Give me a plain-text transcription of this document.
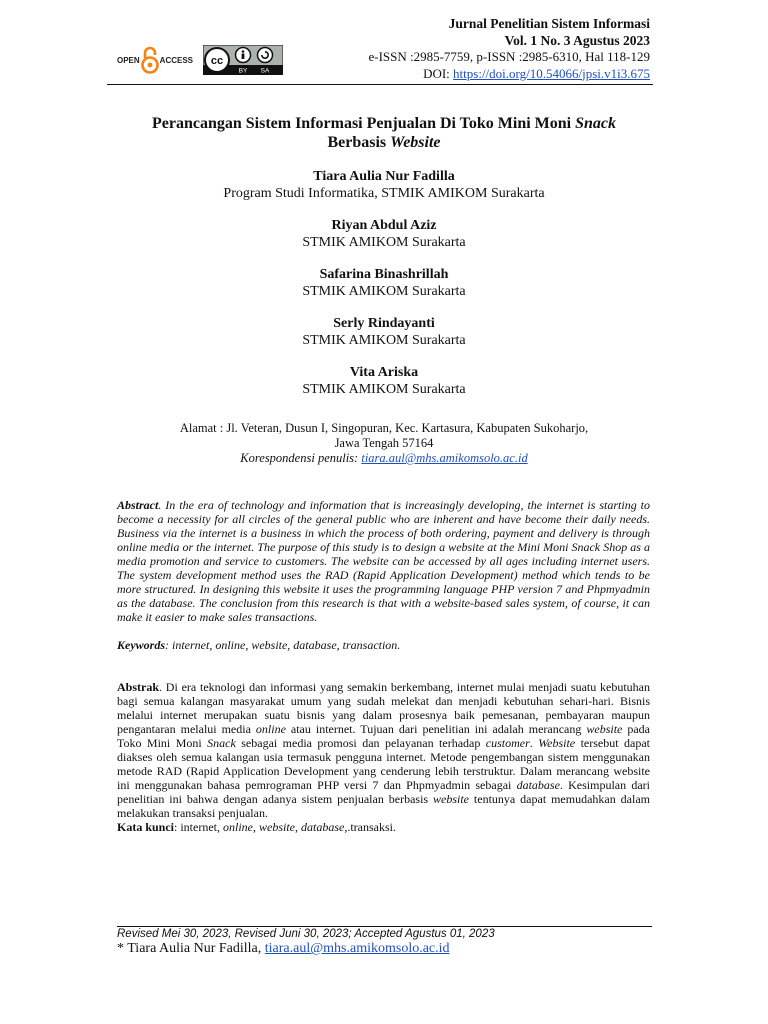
OPEN	ACCESS cc
BY SA
Jurnal Penelitian Sistem Informasi
Vol. 1 No. 3 Agustus 2023
e-ISSN :2985-7759, p-ISSN :2985-6310, Hal 118-129
DOI: https://doi.org/10.54066/jpsi.v1i3.675
Perancangan Sistem Informasi Penjualan Di Toko Mini Moni Snack
Berbasis Website
Tiara Aulia Nur Fadilla
Program Studi Informatika, STMIK AMIKOM Surakarta
Riyan Abdul Aziz
STMIK AMIKOM Surakarta
Safarina Binashrillah
STMIK AMIKOM Surakarta
Serly Rindayanti
STMIK AMIKOM Surakarta
Vita Ariska
STMIK AMIKOM Surakarta
Alamat : Jl. Veteran, Dusun I, Singopuran, Kec. Kartasura, Kabupaten Sukoharjo,
Jawa Tengah 57164
Korespondensi penulis: tiara.aul@mhs.amikomsolo.ac.id
Abstract. In the era of technology and information that is increasingly developing, the internet is starting to become a necessity for all circles of the general public who are inherent and have become their daily needs. Business via the internet is a business in which the process of both ordering, payment and delivery is through online media or the internet. The purpose of this study is to design a website at the Mini Moni Snack Shop as a media promotion and service to customers. The website can be accessed by all ages including internet users. The system development method uses the RAD (Rapid Application Development) method which tends to be more structured. In designing this website it uses the programming language PHP version 7 and Phpmyadmin as the database. The conclusion from this research is that with a website-based sales system, of course, it can make it easier to make sales transactions.
Keywords: internet, online, website, database, transaction.
Abstrak. Di era teknologi dan informasi yang semakin berkembang, internet mulai menjadi suatu kebutuhan bagi semua kalangan masyarakat umum yang sudah melekat dan menjadi kebutuhan sehari-hari. Bisnis melalui internet merupakan suatu bisnis yang dalam prosesnya baik pemesanan, pembayaran maupun pengantaran melalui media online atau internet. Tujuan dari penelitian ini adalah merancang website pada Toko Mini Moni Snack sebagai media promosi dan pelayanan terhadap customer. Website tersebut dapat diakses oleh semua kalangan usia termasuk pengguna internet. Metode pengembangan sistem menggunakan metode RAD (Rapid Application Development yang cenderung lebih terstruktur. Dalam merancang website ini menggunakan bahasa pemrograman PHP versi 7 dan Phpmyadmin sebagai database. Kesimpulan dari penelitian ini bahwa dengan adanya sistem penjualan berbasis website tentunya dapat memudahkan dalam melakukan transaksi penjualan.
Kata kunci: internet, online, website, database,.transaksi.
Revised Mei 30, 2023, Revised Juni 30, 2023; Accepted Agustus 01, 2023
* Tiara Aulia Nur Fadilla, tiara.aul@mhs.amikomsolo.ac.id
